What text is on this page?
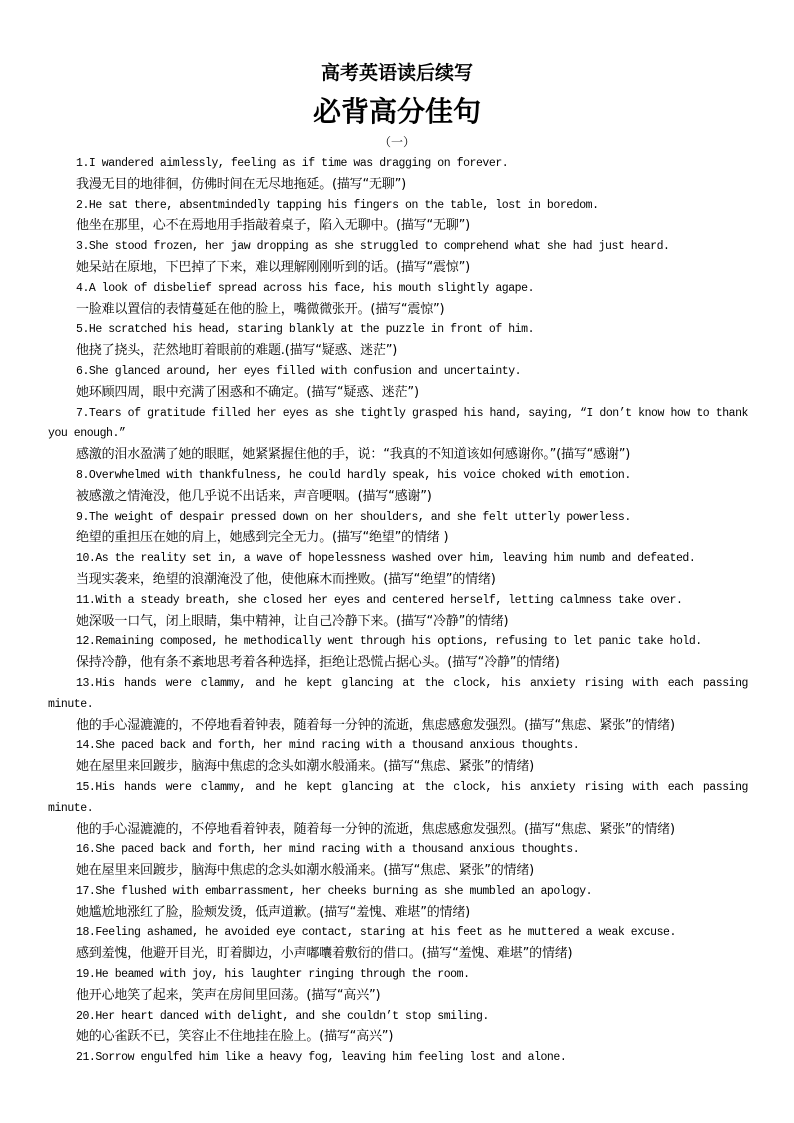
高考英语读后续写
必背高分佳句
（一）
1.I wandered aimlessly, feeling as if time was dragging on forever.
我漫无目的地徘徊，仿佛时间在无尽地拖延。(描写“无聊”)
2.He sat there, absentmindedly tapping his fingers on the table, lost in boredom.
他坐在那里，心不在焉地用手指敲着桌子，陷入无聊中。(描写“无聊”)
3.She stood frozen, her jaw dropping as she struggled to comprehend what she had just heard.
她呆站在原地，下巴掉了下来，难以理解刚刚听到的话。(描写“震惊”)
4.A look of disbelief spread across his face, his mouth slightly agape.
一脸难以置信的表情蔓延在他的脸上，嘴微微张开。(描写“震惊”)
5.He scratched his head, staring blankly at the puzzle in front of him.
他挠了挠头，茫然地盯着眼前的难题.(描写“疑惑、迷茫”)
6.She glanced around, her eyes filled with confusion and uncertainty.
她环顾四周，眼中充满了困惑和不确定。(描写“疑惑、迷茫”)
7.Tears of gratitude filled her eyes as she tightly grasped his hand, saying, “I don’t know how to thank you enough.”
感激的泪水盈满了她的眼眶，她紧紧握住他的手，说：“我真的不知道该如何感谢你。”(描写“感谢”)
8.Overwhelmed with thankfulness, he could hardly speak, his voice choked with emotion.
被感激之情淹没，他几乎说不出话来，声音哽咽。(描写“感谢”)
9.The weight of despair pressed down on her shoulders, and she felt utterly powerless.
绝望的重担压在她的肩上，她感到完全无力。(描写“绝望”的情绪 )
10.As the reality set in, a wave of hopelessness washed over him, leaving him numb and defeated.
当现实袭来，绝望的浪潮淹没了他，使他麻木而挫败。(描写“绝望”的情绪)
11.With a steady breath, she closed her eyes and centered herself, letting calmness take over.
她深吸一口气，闭上眼睛，集中精神，让自己冷静下来。(描写“冷静”的情绪)
12.Remaining composed, he methodically went through his options, refusing to let panic take hold.
保持冷静，他有条不紊地思考着各种选择，拒绝让恐慌占据心头。(描写“冷静”的情绪)
13.His hands were clammy, and he kept glancing at the clock, his anxiety rising with each passing minute.
他的手心湿漉漉的，不停地看着钟表，随着每一分钟的流逝，焦虑感愈发强烈。(描写“焦虑、紧张”的情绪)
14.She paced back and forth, her mind racing with a thousand anxious thoughts.
她在屋里来回踱步，脑海中焦虑的念头如潮水般涌来。(描写“焦虑、紧张”的情绪)
15.His hands were clammy, and he kept glancing at the clock, his anxiety rising with each passing minute.
他的手心湿漉漉的，不停地看着钟表，随着每一分钟的流逝，焦虑感愈发强烈。(描写“焦虑、紧张”的情绪)
16.She paced back and forth, her mind racing with a thousand anxious thoughts.
她在屋里来回踱步，脑海中焦虑的念头如潮水般涌来。(描写“焦虑、紧张”的情绪)
17.She flushed with embarrassment, her cheeks burning as she mumbled an apology.
她尴尬地涨红了脸，脸颊发烫，低声道歉。(描写“羞愧、难堪”的情绪)
18.Feeling ashamed, he avoided eye contact, staring at his feet as he muttered a weak excuse.
感到羞愧，他避开目光，盯着脚边，小声嘟囔着敷衍的借口。(描写“羞愧、难堪”的情绪)
19.He beamed with joy, his laughter ringing through the room.
他开心地笑了起来，笑声在房间里回荡。(描写“高兴”)
20.Her heart danced with delight, and she couldn’t stop smiling.
她的心雀跃不已，笑容止不住地挂在脸上。(描写“高兴”)
21.Sorrow engulfed him like a heavy fog, leaving him feeling lost and alone.
